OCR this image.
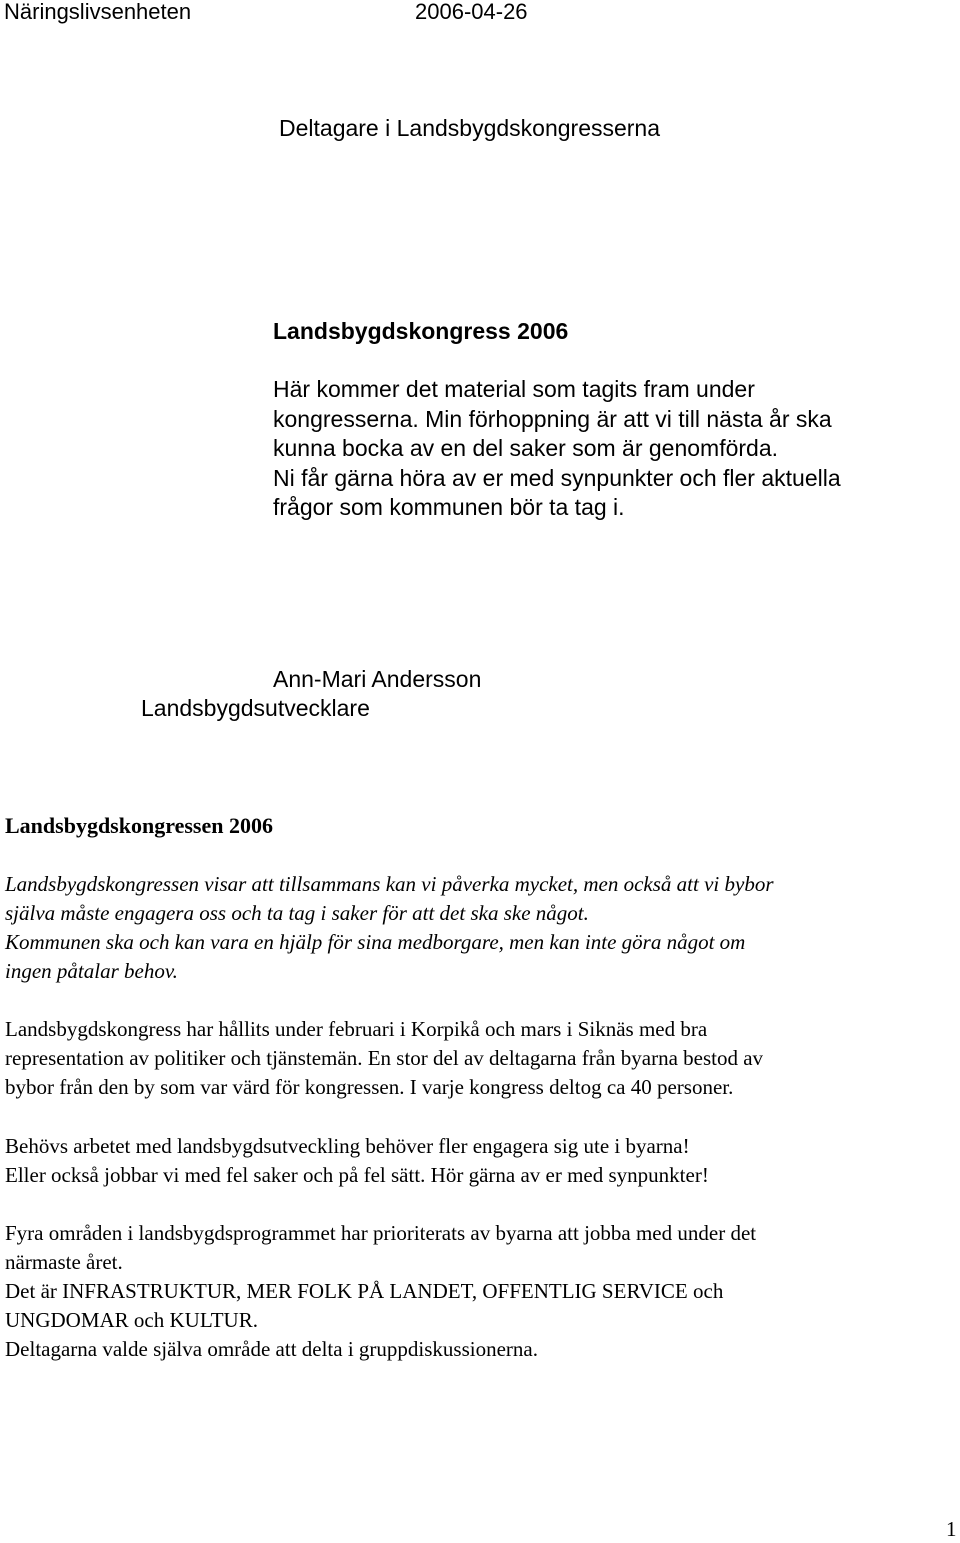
Näringslivsenheten	2006-04-26
Deltagare i Landsbygdskongresserna
Landsbygdskongress 2006
Här kommer det material som tagits fram under
kongresserna. Min förhoppning är att vi till nästa år ska
kunna bocka av en del saker som är genomförda.
Ni får gärna höra av er med synpunkter och fler aktuella
frågor som kommunen bör ta tag i.
Ann-Mari Andersson
Landsbygdsutvecklare
Landsbygdskongressen 2006
Landsbygdskongressen visar att tillsammans kan vi påverka mycket, men också att vi bybor
själva måste engagera oss och ta tag i saker för att det ska ske något.
Kommunen ska och kan vara en hjälp för sina medborgare, men kan inte göra något om
ingen påtalar behov.
Landsbygdskongress har hållits under februari i Korpikå och mars i Siknäs med bra
representation av politiker och tjänstemän. En stor del av deltagarna från byarna bestod av
bybor från den by som var värd för kongressen. I varje kongress deltog ca 40 personer.
Behövs arbetet med landsbygdsutveckling behöver fler engagera sig ute i byarna!
Eller också jobbar vi med fel saker och på fel sätt. Hör gärna av er med synpunkter!
Fyra områden i landsbygdsprogrammet har prioriterats av byarna att jobba med under det
närmaste året.
Det är INFRASTRUKTUR, MER FOLK PÅ LANDET, OFFENTLIG SERVICE och
UNGDOMAR och KULTUR.
Deltagarna valde själva område att delta i gruppdiskussionerna.
1
